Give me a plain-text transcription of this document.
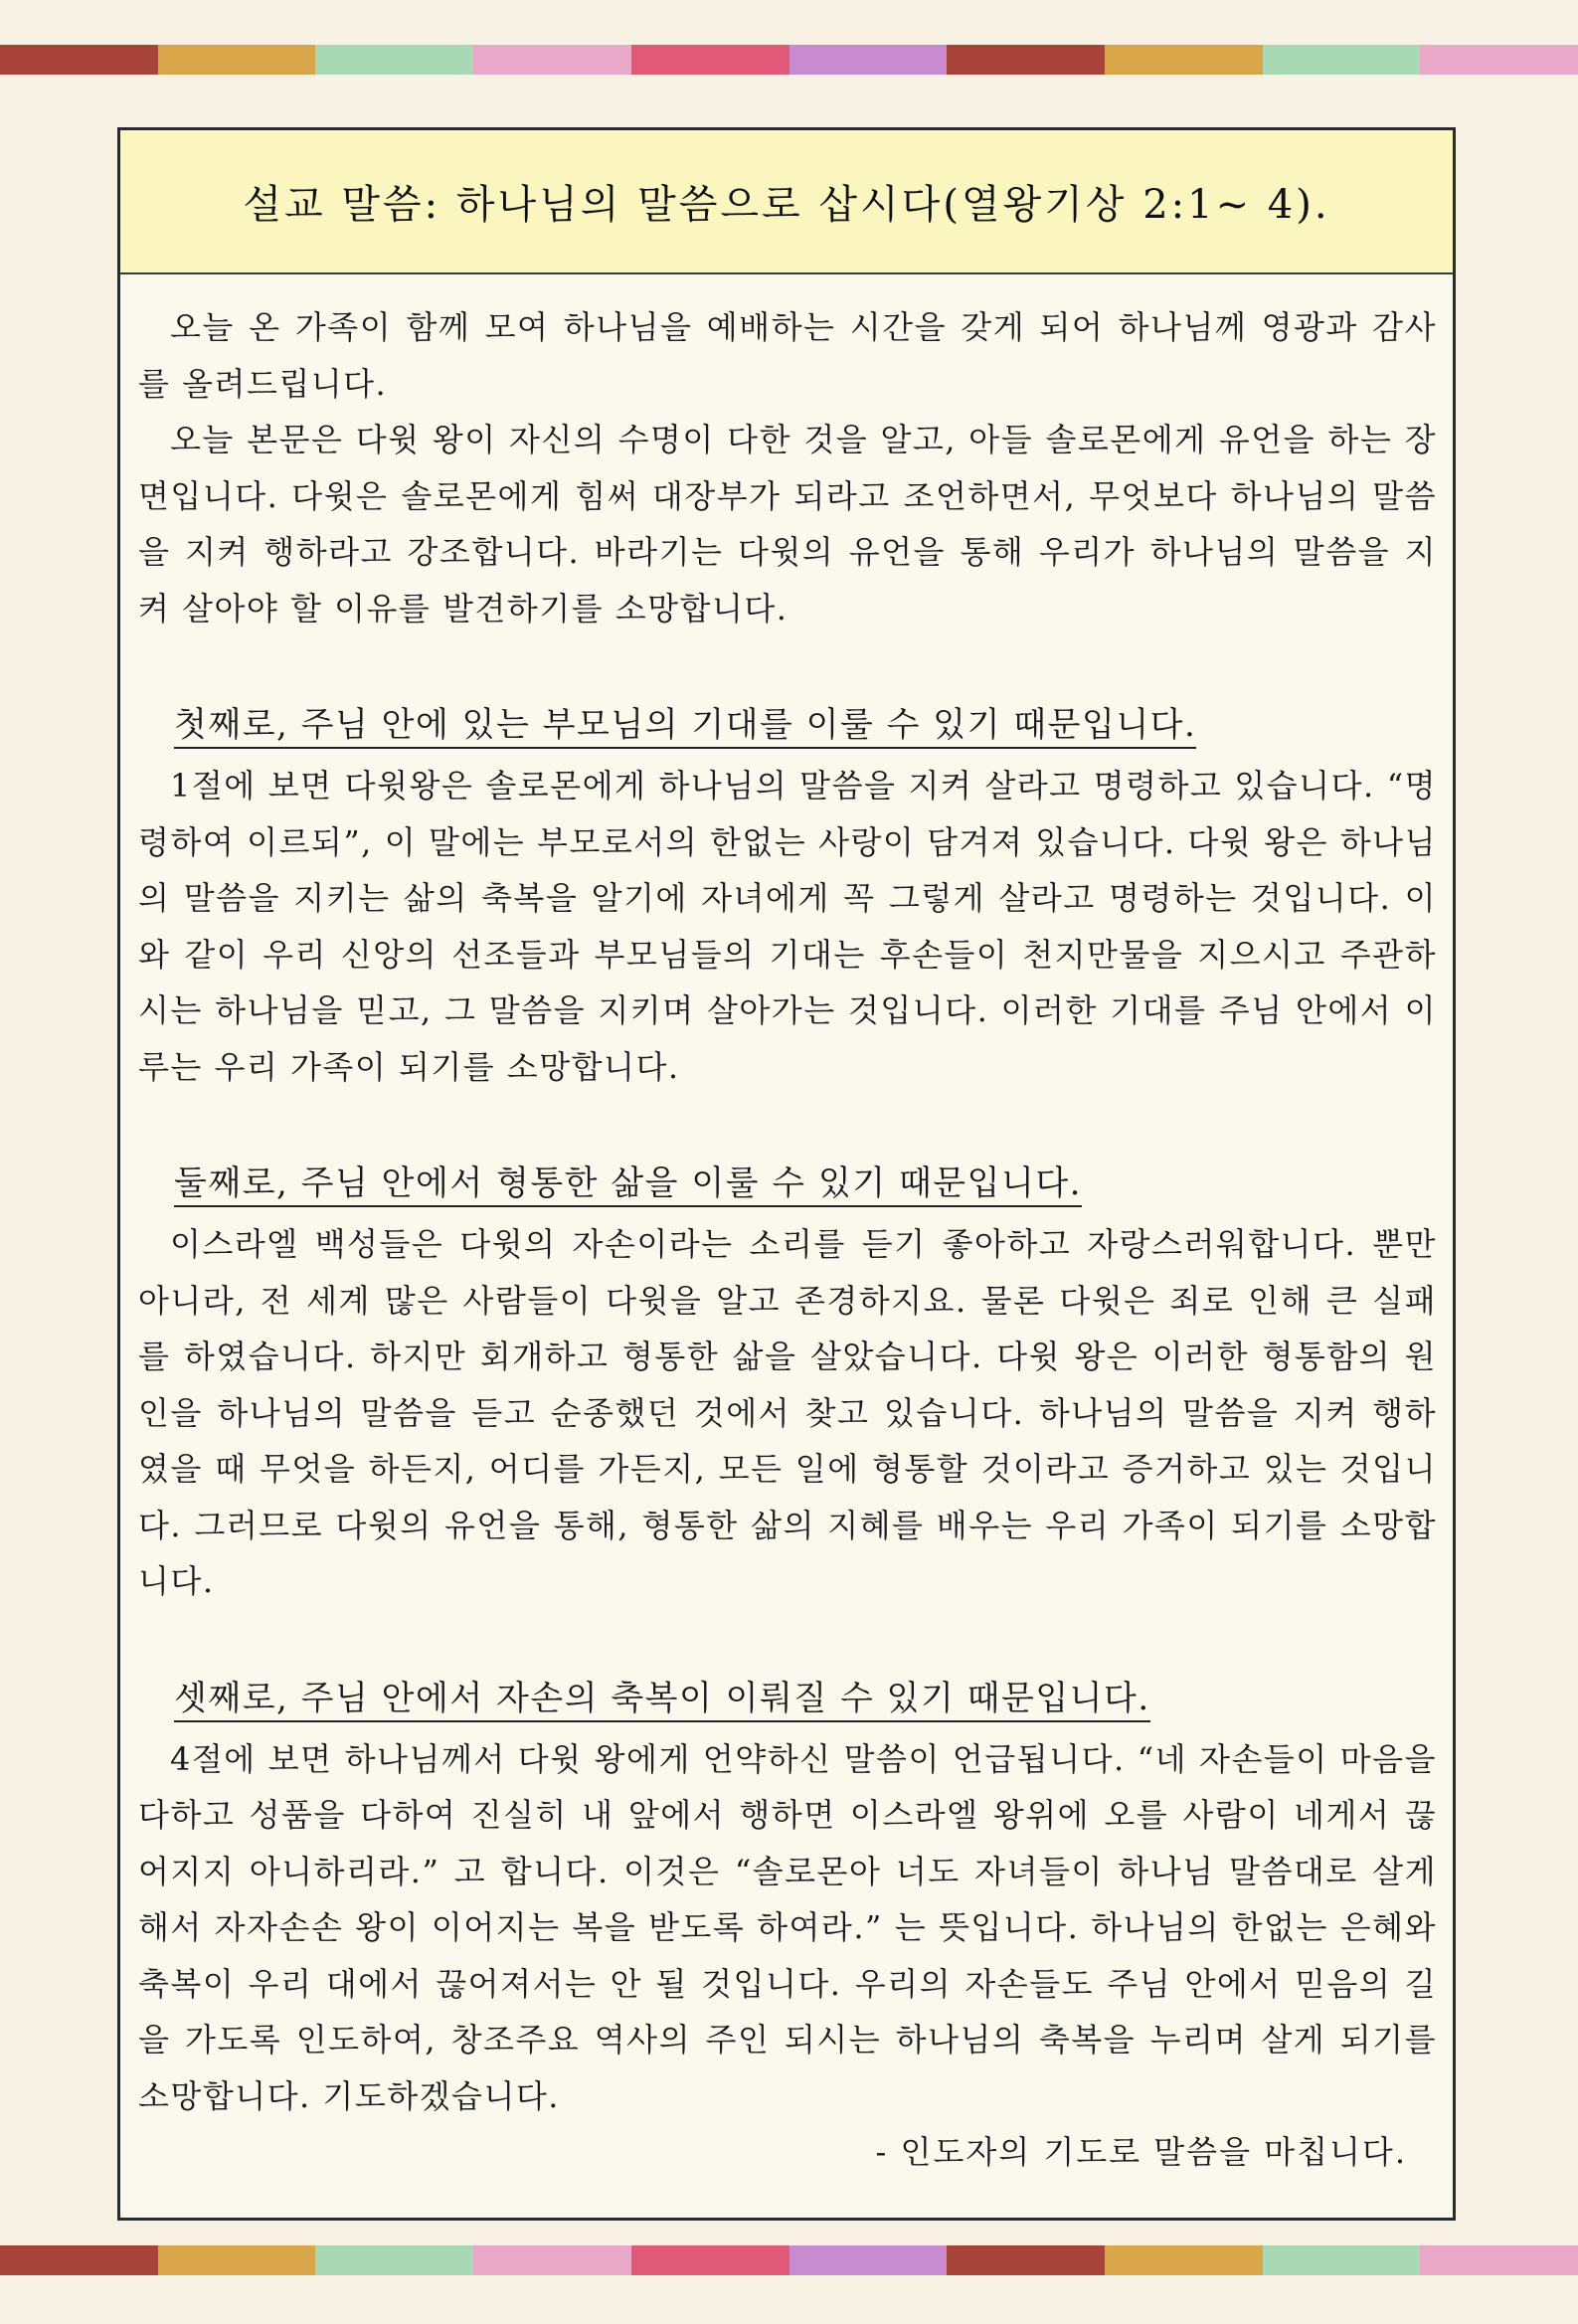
설교 말씀: 하나님의 말씀으로 삽시다(열왕기상 2:1~ 4).

오늘 온 가족이 함께 모여 하나님을 예배하는 시간을 갖게 되어 하나님께 영광과 감사를 올려드립니다.

오늘 본문은 다윗 왕이 자신의 수명이 다한 것을 알고, 아들 솔로몬에게 유언을 하는 장면입니다. 다윗은 솔로몬에게 힘써 대장부가 되라고 조언하면서, 무엇보다 하나님의 말씀을 지켜 행하라고 강조합니다. 바라기는 다윗의 유언을 통해 우리가 하나님의 말씀을 지켜 살아야 할 이유를 발견하기를 소망합니다.

첫째로, 주님 안에 있는 부모님의 기대를 이룰 수 있기 때문입니다.

1절에 보면 다윗왕은 솔로몬에게 하나님의 말씀을 지켜 살라고 명령하고 있습니다. “명령하여 이르되”, 이 말에는 부모로서의 한없는 사랑이 담겨져 있습니다. 다윗 왕은 하나님의 말씀을 지키는 삶의 축복을 알기에 자녀에게 꼭 그렇게 살라고 명령하는 것입니다. 이와 같이 우리 신앙의 선조들과 부모님들의 기대는 후손들이 천지만물을 지으시고 주관하시는 하나님을 믿고, 그 말씀을 지키며 살아가는 것입니다. 이러한 기대를 주님 안에서 이루는 우리 가족이 되기를 소망합니다.

둘째로, 주님 안에서 형통한 삶을 이룰 수 있기 때문입니다.

이스라엘 백성들은 다윗의 자손이라는 소리를 듣기 좋아하고 자랑스러워합니다. 뿐만 아니라, 전 세계 많은 사람들이 다윗을 알고 존경하지요. 물론 다윗은 죄로 인해 큰 실패를 하였습니다. 하지만 회개하고 형통한 삶을 살았습니다. 다윗 왕은 이러한 형통함의 원인을 하나님의 말씀을 듣고 순종했던 것에서 찾고 있습니다. 하나님의 말씀을 지켜 행하였을 때 무엇을 하든지, 어디를 가든지, 모든 일에 형통할 것이라고 증거하고 있는 것입니다. 그러므로 다윗의 유언을 통해, 형통한 삶의 지혜를 배우는 우리 가족이 되기를 소망합니다.

셋째로, 주님 안에서 자손의 축복이 이뤄질 수 있기 때문입니다.

4절에 보면 하나님께서 다윗 왕에게 언약하신 말씀이 언급됩니다. “네 자손들이 마음을 다하고 성품을 다하여 진실히 내 앞에서 행하면 이스라엘 왕위에 오를 사람이 네게서 끊어지지 아니하리라.” 고 합니다. 이것은 “솔로몬아 너도 자녀들이 하나님 말씀대로 살게 해서 자자손손 왕이 이어지는 복을 받도록 하여라.” 는 뜻입니다. 하나님의 한없는 은혜와 축복이 우리 대에서 끊어져서는 안 될 것입니다. 우리의 자손들도 주님 안에서 믿음의 길을 가도록 인도하여, 창조주요 역사의 주인 되시는 하나님의 축복을 누리며 살게 되기를 소망합니다. 기도하겠습니다.

- 인도자의 기도로 말씀을 마칩니다.
